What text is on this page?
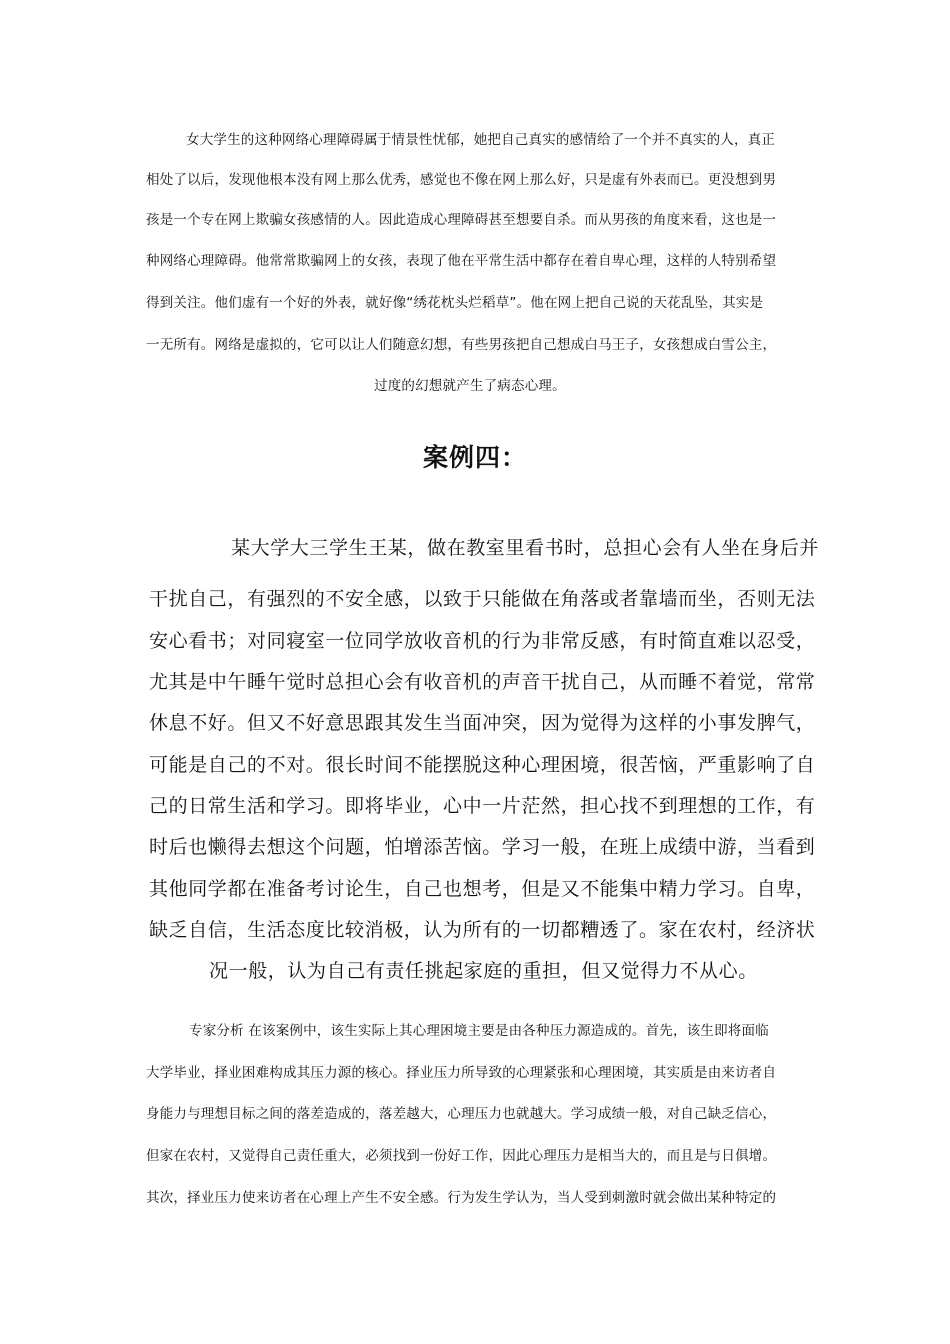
女大学生的这种网络心理障碍属于情景性忧郁，她把自己真实的感情给了一个并不真实的人，真正
相处了以后，发现他根本没有网上那么优秀，感觉也不像在网上那么好，只是虚有外表而已。更没想到男
孩是一个专在网上欺骗女孩感情的人。因此造成心理障碍甚至想要自杀。而从男孩的角度来看，这也是一
种网络心理障碍。他常常欺骗网上的女孩，表现了他在平常生活中都存在着自卑心理，这样的人特别希望
得到关注。他们虚有一个好的外表，就好像“绣花枕头烂稻草”。他在网上把自己说的天花乱坠，其实是
一无所有。网络是虚拟的，它可以让人们随意幻想，有些男孩把自己想成白马王子，女孩想成白雪公主，
过度的幻想就产生了病态心理。
案例四：
某大学大三学生王某，做在教室里看书时，总担心会有人坐在身后并
干扰自己，有强烈的不安全感，以致于只能做在角落或者靠墙而坐，否则无法
安心看书；对同寝室一位同学放收音机的行为非常反感，有时简直难以忍受，
尤其是中午睡午觉时总担心会有收音机的声音干扰自己，从而睡不着觉，常常
休息不好。但又不好意思跟其发生当面冲突，因为觉得为这样的小事发脾气，
可能是自己的不对。很长时间不能摆脱这种心理困境，很苦恼，严重影响了自
己的日常生活和学习。即将毕业，心中一片茫然，担心找不到理想的工作，有
时后也懒得去想这个问题，怕增添苦恼。学习一般，在班上成绩中游，当看到
其他同学都在准备考讨论生，自己也想考，但是又不能集中精力学习。自卑，
缺乏自信，生活态度比较消极，认为所有的一切都糟透了。家在农村，经济状
况一般，认为自己有责任挑起家庭的重担，但又觉得力不从心。
专家分析 在该案例中，该生实际上其心理困境主要是由各种压力源造成的。首先，该生即将面临
大学毕业，择业困难构成其压力源的核心。择业压力所导致的心理紧张和心理困境，其实质是由来访者自
身能力与理想目标之间的落差造成的，落差越大，心理压力也就越大。学习成绩一般，对自己缺乏信心，
但家在农村，又觉得自己责任重大，必须找到一份好工作，因此心理压力是相当大的，而且是与日俱增。
其次，择业压力使来访者在心理上产生不安全感。行为发生学认为，当人受到刺激时就会做出某种特定的
